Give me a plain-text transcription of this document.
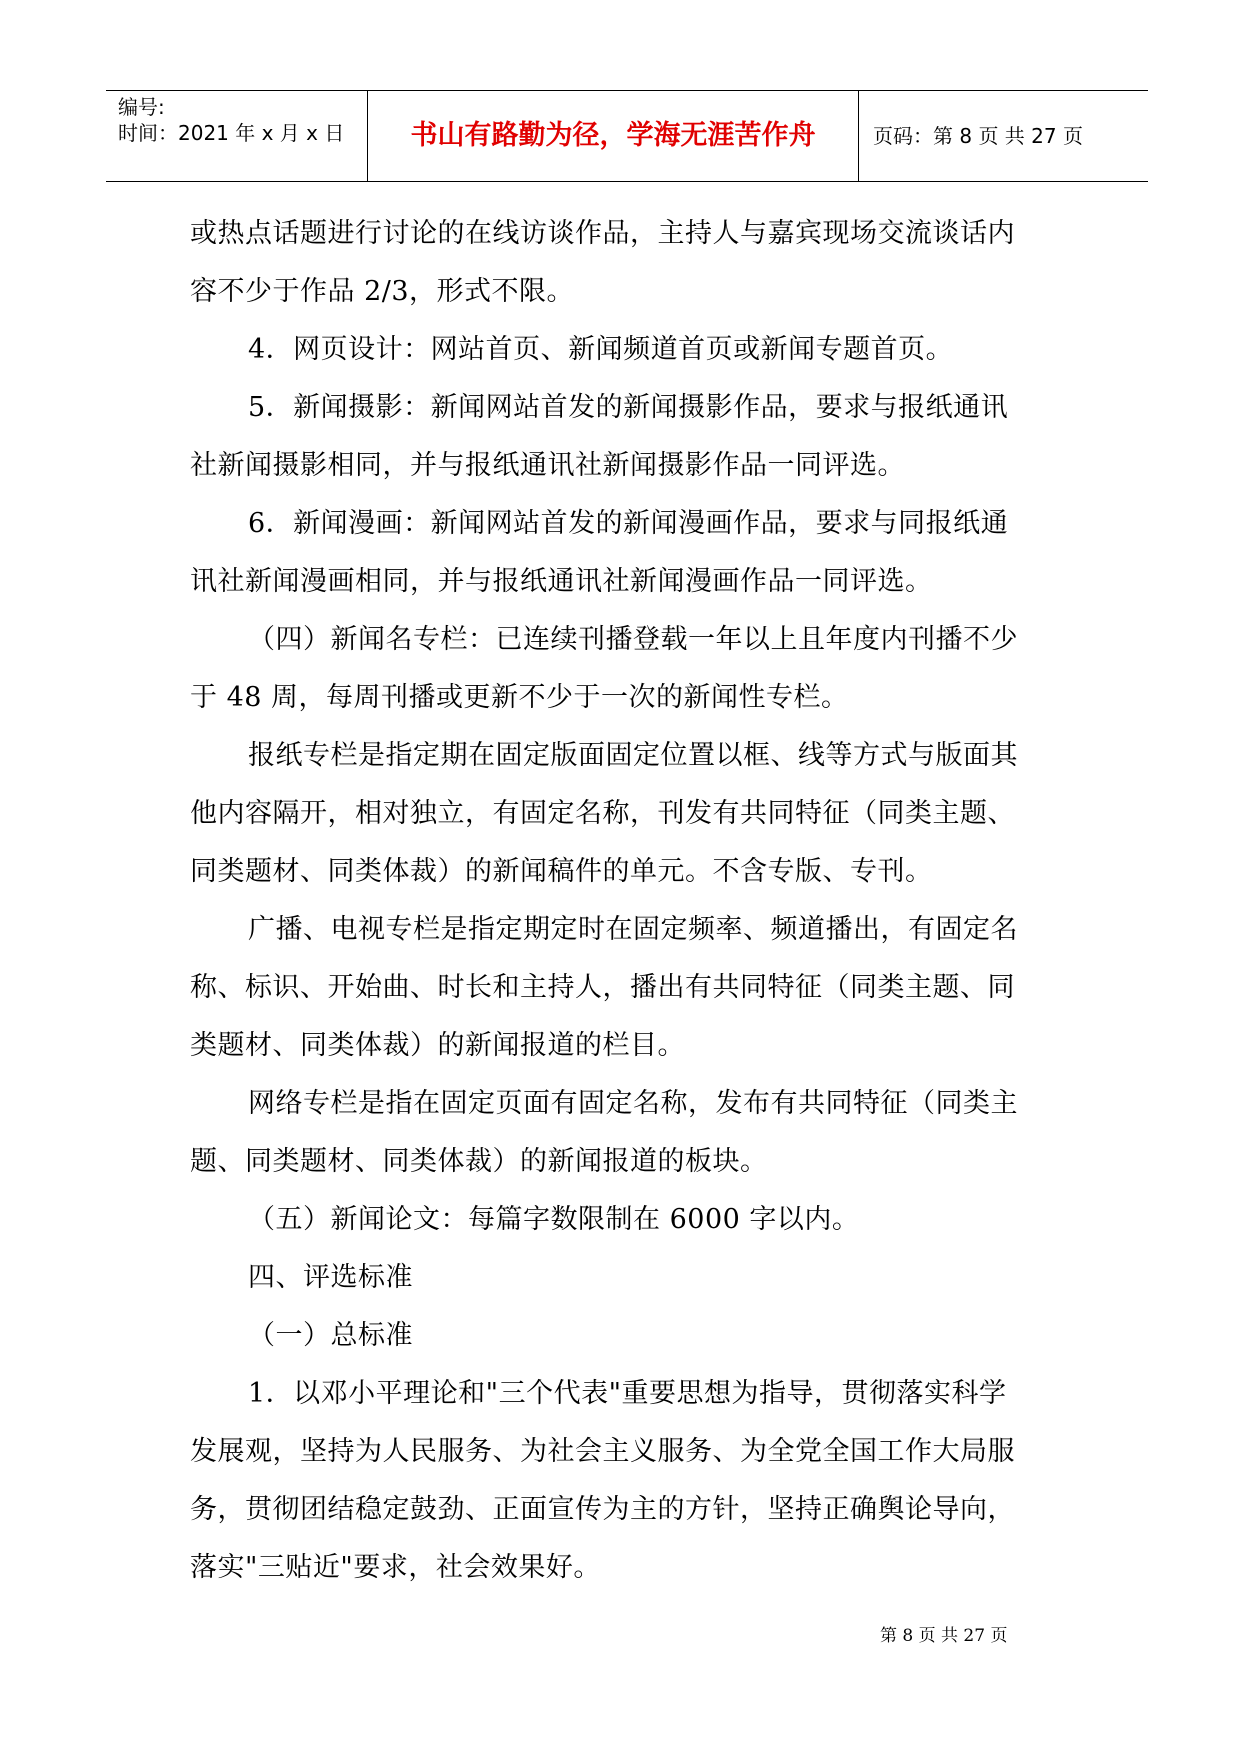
编号:
时间：2021 年 x 月 x 日	书山有路勤为径，学海无涯苦作舟	页码：第 8 页 共 27 页

或热点话题进行讨论的在线访谈作品，主持人与嘉宾现场交流谈话内

容不少于作品 2/3，形式不限。

4．网页设计：网站首页、新闻频道首页或新闻专题首页。

5．新闻摄影：新闻网站首发的新闻摄影作品，要求与报纸通讯

社新闻摄影相同，并与报纸通讯社新闻摄影作品一同评选。

6．新闻漫画：新闻网站首发的新闻漫画作品，要求与同报纸通

讯社新闻漫画相同，并与报纸通讯社新闻漫画作品一同评选。

（四）新闻名专栏：已连续刊播登载一年以上且年度内刊播不少

于 48 周，每周刊播或更新不少于一次的新闻性专栏。

报纸专栏是指定期在固定版面固定位置以框、线等方式与版面其

他内容隔开，相对独立，有固定名称，刊发有共同特征（同类主题、

同类题材、同类体裁）的新闻稿件的单元。不含专版、专刊。

广播、电视专栏是指定期定时在固定频率、频道播出，有固定名

称、标识、开始曲、时长和主持人，播出有共同特征（同类主题、同

类题材、同类体裁）的新闻报道的栏目。

网络专栏是指在固定页面有固定名称，发布有共同特征（同类主

题、同类题材、同类体裁）的新闻报道的板块。

（五）新闻论文：每篇字数限制在 6000 字以内。

四、评选标准

（一）总标准

1．以邓小平理论和"三个代表"重要思想为指导，贯彻落实科学

发展观，坚持为人民服务、为社会主义服务、为全党全国工作大局服

务，贯彻团结稳定鼓劲、正面宣传为主的方针，坚持正确舆论导向，

落实"三贴近"要求，社会效果好。

第 8 页 共 27 页
